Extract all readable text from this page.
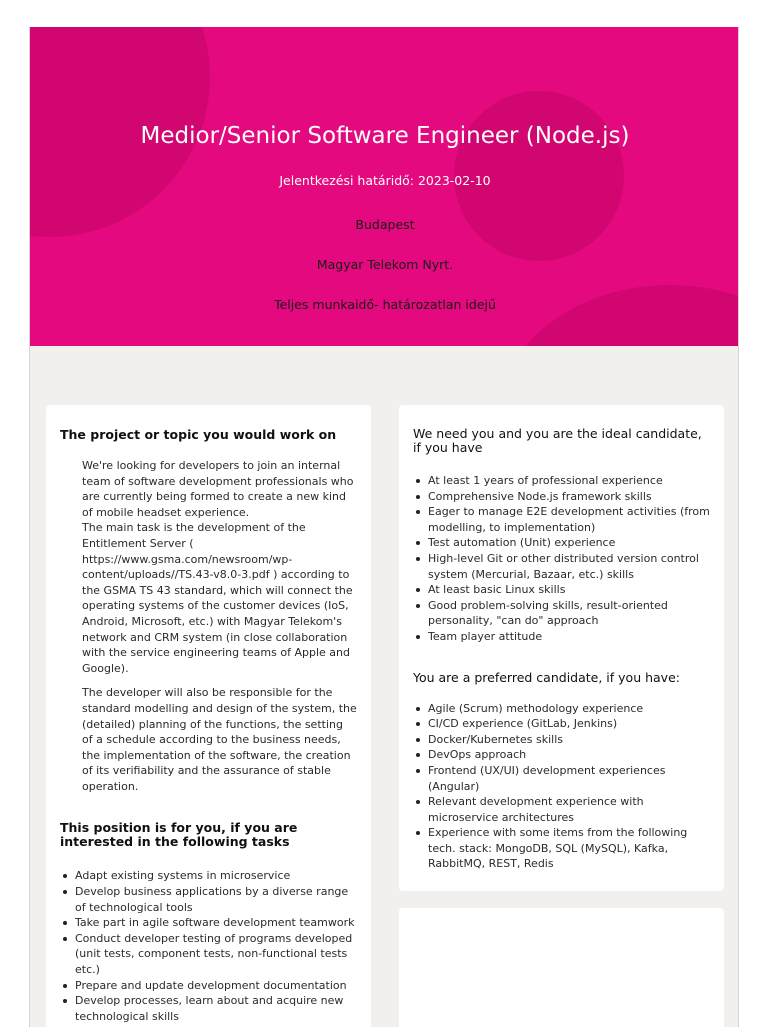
Medior/Senior Software Engineer (Node.js)
Jelentkezési határidő: 2023-02-10
Budapest
Magyar Telekom Nyrt.
Teljes munkaidő- határozatlan idejű
The project or topic you would work on
We're looking for developers to join an internal team of software development professionals who are currently being formed to create a new kind of mobile headset experience.
The main task is the development of the Entitlement Server ( https://www.gsma.com/newsroom/wp-content/uploads//TS.43-v8.0-3.pdf ) according to the GSMA TS 43 standard, which will connect the operating systems of the customer devices (IoS, Android, Microsoft, etc.) with Magyar Telekom's network and CRM system (in close collaboration with the service engineering teams of Apple and Google).
The developer will also be responsible for the standard modelling and design of the system, the (detailed) planning of the functions, the setting of a schedule according to the business needs, the implementation of the software, the creation of its verifiability and the assurance of stable operation.
This position is for you, if you are interested in the following tasks
Adapt existing systems in microservice
Develop business applications by a diverse range of technological tools
Take part in agile software development teamwork
Conduct developer testing of programs developed (unit tests, component tests, non-functional tests etc.)
Prepare and update development documentation
Develop processes, learn about and acquire new technological skills
We need you and you are the ideal candidate, if you have
At least 1 years of professional experience
Comprehensive Node.js framework skills
Eager to manage E2E development activities (from modelling, to implementation)
Test automation (Unit) experience
High-level Git or other distributed version control system (Mercurial, Bazaar, etc.) skills
At least basic Linux skills
Good problem-solving skills, result-oriented personality, "can do" approach
Team player attitude
You are a preferred candidate, if you have:
Agile (Scrum) methodology experience
CI/CD experience (GitLab, Jenkins)
Docker/Kubernetes skills
DevOps approach
Frontend (UX/UI) development experiences (Angular)
Relevant development experience with microservice architectures
Experience with some items from the following tech. stack: MongoDB, SQL (MySQL), Kafka, RabbitMQ, REST, Redis
